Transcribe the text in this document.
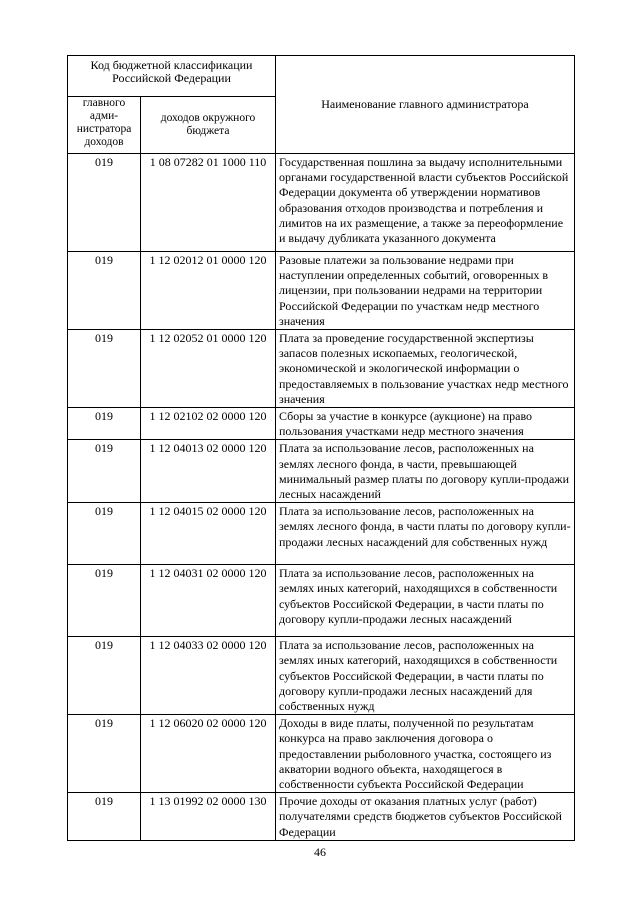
Код бюджетной классификации Российской Федерации		Наименование главного администратора
главного адми-нистратора доходов	доходов окружного бюджета	
019	1 08 07282 01 1000 110	Государственная пошлина за выдачу исполнительными органами государственной власти субъектов Российской Федерации документа об утверждении нормативов образования отходов производства и потребления и лимитов на их размещение, а также за переоформление и выдачу дубликата указанного документа
019	1 12 02012 01 0000 120	Разовые платежи за пользование недрами при наступлении определенных событий, оговоренных в лицензии, при пользовании недрами на территории Российской Федерации по участкам недр местного значения
019	1 12 02052 01 0000 120	Плата за проведение государственной экспертизы запасов полезных ископаемых, геологической, экономической и экологической информации о предоставляемых в пользование участках недр местного значения
019	1 12 02102 02 0000 120	Сборы за участие в конкурсе (аукционе) на право пользования участками недр местного значения
019	1 12 04013 02 0000 120	Плата за использование лесов, расположенных на землях лесного фонда, в части, превышающей минимальный размер платы по договору купли-продажи лесных насаждений
019	1 12 04015 02 0000 120	Плата за использование лесов, расположенных на землях лесного фонда, в части платы по договору купли-продажи лесных насаждений для собственных нужд
019	1 12 04031 02 0000 120	Плата за использование лесов, расположенных на землях иных категорий, находящихся в собственности субъектов Российской Федерации, в части платы по договору купли-продажи лесных насаждений
019	1 12 04033 02 0000 120	Плата за использование лесов, расположенных на землях иных категорий, находящихся в собственности субъектов Российской Федерации, в части платы по договору купли-продажи лесных насаждений для собственных нужд
019	1 12 06020 02 0000 120	Доходы в виде платы, полученной по результатам конкурса на право заключения договора о предоставлении рыболовного участка, состоящего из акватории водного объекта, находящегося в собственности субъекта Российской Федерации
019	1 13 01992 02 0000 130	Прочие доходы от оказания платных услуг (работ) получателями средств бюджетов субъектов Российской Федерации
46
